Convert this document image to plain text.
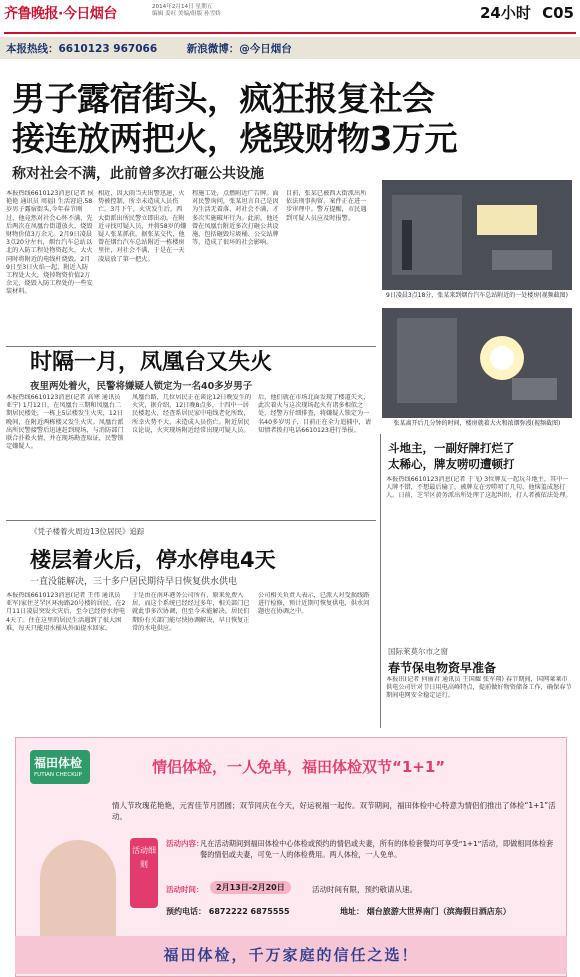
齐鲁晚报·今日烟台	2014年2月14日 星期五
编辑 姜旺 美编/组版 孙雪娇	24小时 C05
本报热线：6610123 967066	新浪微博：@今日烟台
男子露宿街头，疯狂报复社会
接连放两把火，烧毁财物3万元
称对社会不满，此前曾多次打砸公共设施
本报热线6610123消息(记者 侯艳艳 通讯员 周福) 生活窘迫,58岁男子露宿街头,今年春节刚过，他竟然对社会心怀不满，先后两次在凤凰台街道放火，烧毁财物价值3万余元。2月9日凌晨3点20分左右，烟台汽车总站以北的入防工程处物资起火，大火同时将附近的电线杆烧毁。2月9日至3日火焰一起，附近入防工程处大火，烧掉物资价值2万余元，烧毁入防工程处的一些安装材料。
相近，因大雨当天出警迅速，火势被控制，所幸未造成人员伤亡。3月下午，火灾发生后，西大街派出所民警立即出动，在附近寻找可疑人员，并将58岁的嫌疑人张某抓获。据张某交代，他曾在烟台汽车总站附近一栋楼房里住，对社会不满，于是在一天凌晨放了第一把火。
程施工处，点燃附近广告牌。面对民警询问，张某坦言自己是因为生活无着落、对社会不满，才多次实施破坏行为。此前，他还曾在凤凰台附近多次打砸公共设施，包括砸毁垃圾桶、公交站牌等，造成了很坏的社会影响。
目前，张某已被西大街派出所依法刑事拘留，案件正在进一步审理中。警方提醒，市民遇到可疑人员应及时报警。
9日凌晨3点18分，张某来到烟台汽车总站附近的一处楼房(视频截图)
张某离开后几分钟的时间，楼房就着大火和浓烟弥漫(视频截图)
时隔一月，凤凰台又失火
夜里两处着火，民警将嫌疑人锁定为一名40多岁男子
本报热线6610123消息(记者 高寒 通讯员 亚宁) 1月12日，在凤凰台三期和凤凰台二期居民楼处，一栋上5层楼发生火灾，12日晚间，在附近两栋楼又发生火灾。凤凰台派出所民警接警后迅速赶到现场，与消防部门联合扑救火情，并在现场勘查取证，民警锁定嫌疑人。
凤凰台路，几位居民正在谈论12日晚发生的火灾，据介绍，12日晚8点多，十四中一居民楼起火，经查系居民家中电线老化所致，所幸火势不大，未造成人员伤亡。附近居民议论说，火灾现场附近经常出现可疑人员。
后，他们就在市场北面发现了楼道失火，此次着火与这次现场起火有诸多相似之处，经警方仔细排查，将嫌疑人锁定为一名40多岁男子，目前正在全力追捕中，请知情者拨打电话6610123进行举报。
《凭子楼着火周边13位居民》追踪
楼层着火后，停水停电4天
一直没能解决，三十多户居民期待早日恢复供水供电
本报热线6610123消息(记者 王伟 通讯员 亚军)家住芝罘区环海路20号楼的居民，在2月11日凌晨突发火灾后，至今已经停水停电4天了。住在这里的居民生活遇到了很大困难，每天只能用水桶从外面提水回家。
于是由在南环港务公司所有，原来免费入居，而这个系统已经经过多年，相关部门已就此事多次协调，但至今未能解决。居民们期盼有关部门能尽快协调解决，早日恢复正常的水电供应。
公司相关负责人表示，已派人对受损线路进行检修，预计近期可恢复供电，供水问题也在协调之中。
斗地主，一副好牌打烂了
太稀心，牌友唠叨遭顿打
本报热线6610123消息(记者 于飞) 3位牌友一起玩斗地主，其中一人牌不错，不想最后输了，被牌友在旁唠叨了几句，他恼羞成怒打人。日前，芝罘区黄务派出所处理了这起纠纷，打人者被依法处理。
国际莱莫尔市之窗
春节保电物资早准备
本报讯(记者 何丽君 通讯员 王国耀 张军翔) 春节期间，国网莱莱市供电公司针对节日用电高峰特点，提前做好物资储备工作，确保春节期间电网安全稳定运行。
福田体检
FUTIAN CHECKUP	情侣体检，一人免单，福田体检双节“1+1”
情人节玫瑰花艳艳，元宵佳节月团圆；双节同庆在今天，好运祝福一起传。双节期间，福田体检中心特意为情侣们推出了体检“1+1”活动。
活动细则
活动内容：
凡在活动期间到福田体检中心体检或预约的情侣或夫妻，所有的体检套餐均可享受“1+1”活动，即做相同体检套餐的情侣或夫妻，可免一人的体检费用。两人体检，一人免单。
活动时间：	2月13日-2月20日	活动时间有限，预约敬请从速。
预约电话： 6872222 6875555	地址： 烟台旅游大世界南门（滨海假日酒店东）
福田体检，千万家庭的信任之选！
